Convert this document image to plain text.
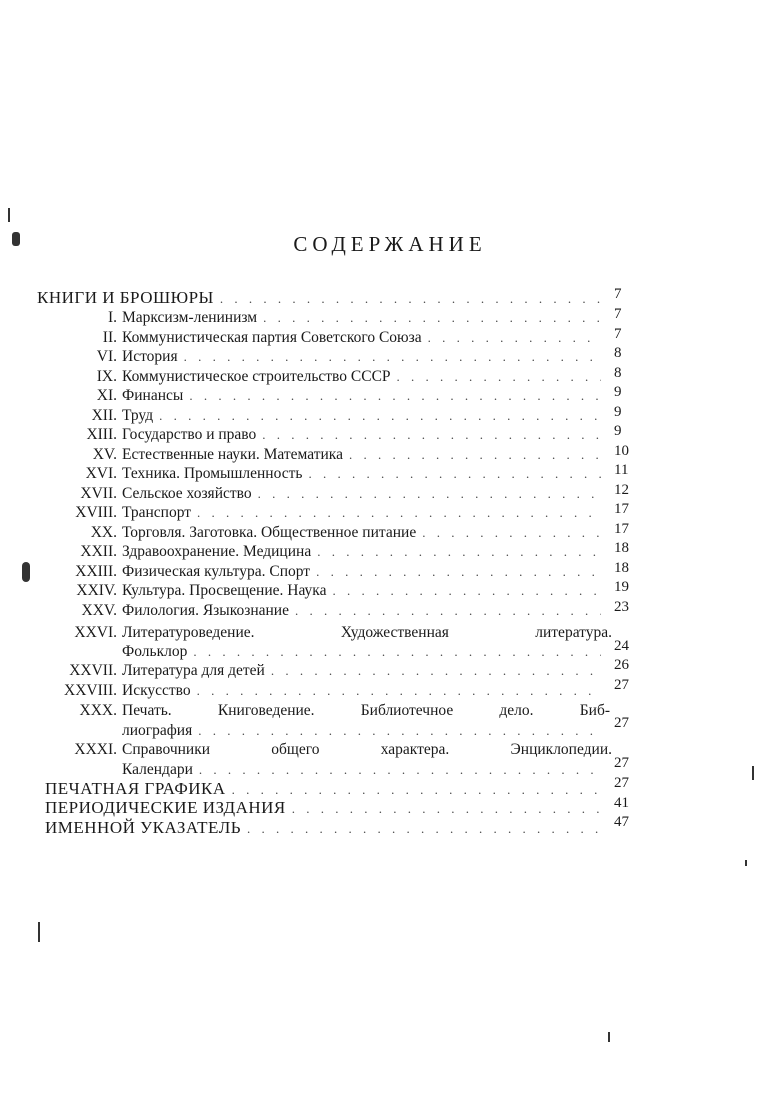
СОДЕРЖАНИЕ
КНИГИ И БРОШЮРЫ . . .	7
I. Марксизм-ленинизм . . .	7
II. Коммунистическая партия Советского Союза . . .	7
VI. История . . .	8
IX. Коммунистическое строительство СССР . . .	8
XI. Финансы . . .	9
XII. Труд . . .	9
XIII. Государство и право . . .	9
XV. Естественные науки. Математика . . .	10
XVI. Техника. Промышленность . . .	11
XVII. Сельское хозяйство . . .	12
XVIII. Транспорт . . .	17
XX. Торговля. Заготовка. Общественное питание . . .	17
XXII. Здравоохранение. Медицина . . .	18
XXIII. Физическая культура. Спорт . . .	18
XXIV. Культура. Просвещение. Наука . . .	19
XXV. Филология. Языкознание . . .	23
XXVI. Литературоведение. Художественная литература.
Фольклор . . .	24
XXVII. Литература для детей . . .	26
XXVIII. Искусство . . .	27
XXX. Печать. Книговедение. Библиотечное дело. Биб-
лиография . . .	27
XXXI. Справочники общего характера. Энциклопедии.
Календари . . .	27
ПЕЧАТНАЯ ГРАФИКА . . .	27
ПЕРИОДИЧЕСКИЕ ИЗДАНИЯ . . .	41
ИМЕННОЙ УКАЗАТЕЛЬ . . .	47
